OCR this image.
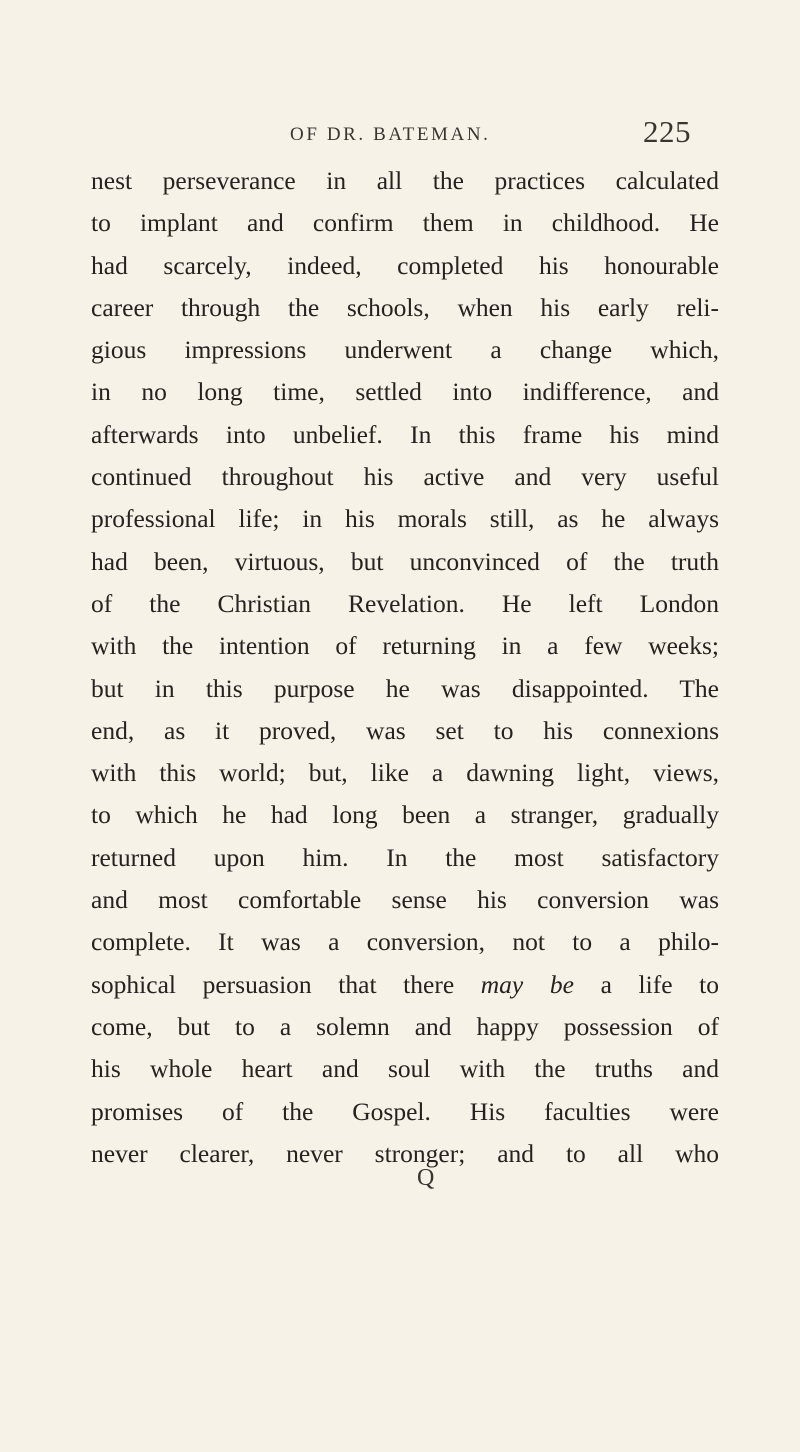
OF DR. BATEMAN.	225
nest perseverance in all the practices calculated
to implant and confirm them in childhood. He
had scarcely, indeed, completed his honourable
career through the schools, when his early reli-
gious impressions underwent a change which,
in no long time, settled into indifference, and
afterwards into unbelief. In this frame his mind
continued throughout his active and very useful
professional life; in his morals still, as he always
had been, virtuous, but unconvinced of the truth
of the Christian Revelation. He left London
with the intention of returning in a few weeks;
but in this purpose he was disappointed. The
end, as it proved, was set to his connexions
with this world; but, like a dawning light, views,
to which he had long been a stranger, gradually
returned upon him. In the most satisfactory
and most comfortable sense his conversion was
complete. It was a conversion, not to a philo-
sophical persuasion that there may be a life to
come, but to a solemn and happy possession of
his whole heart and soul with the truths and
promises of the Gospel. His faculties were
never clearer, never stronger; and to all who
Q
